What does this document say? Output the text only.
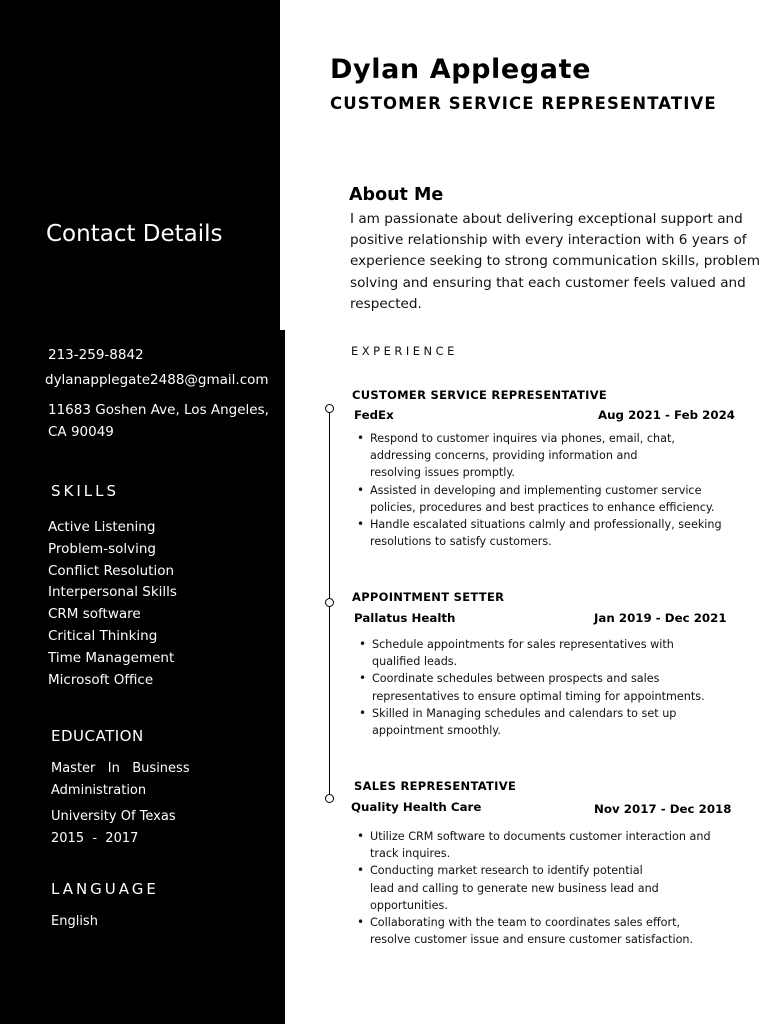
Contact Details
213-259-8842
dylanapplegate2488@gmail.com
11683 Goshen Ave, Los Angeles,
CA 90049
SKILLS
Active Listening
Problem-solving
Conflict Resolution
Interpersonal Skills
CRM software
Critical Thinking
Time Management
Microsoft Office
EDUCATION
Master   In   Business
Administration
University Of Texas
2015  -  2017
LANGUAGE
English
Dylan Applegate
CUSTOMER SERVICE REPRESENTATIVE
About Me
I am passionate about delivering exceptional support and positive relationship with every interaction with 6 years of experience seeking to strong communication skills, problem solving and ensuring that each customer feels valued and respected.
EXPERIENCE
CUSTOMER SERVICE REPRESENTATIVE
FedEx	Aug 2021 - Feb 2024
• Respond to customer inquires via phones, email, chat,
addressing concerns, providing information and
resolving issues promptly.
• Assisted in developing and implementing customer service
policies, procedures and best practices to enhance efficiency.
• Handle escalated situations calmly and professionally, seeking
resolutions to satisfy customers.
APPOINTMENT SETTER
Pallatus Health	Jan 2019 - Dec 2021
• Schedule appointments for sales representatives with
qualified leads.
• Coordinate schedules between prospects and sales
representatives to ensure optimal timing for appointments.
• Skilled in Managing schedules and calendars to set up
appointment smoothly.
SALES REPRESENTATIVE
Quality Health Care	Nov 2017 - Dec 2018
• Utilize CRM software to documents customer interaction and
track inquires.
• Conducting market research to identify potential
lead and calling to generate new business lead and
opportunities.
• Collaborating with the team to coordinates sales effort,
resolve customer issue and ensure customer satisfaction.
